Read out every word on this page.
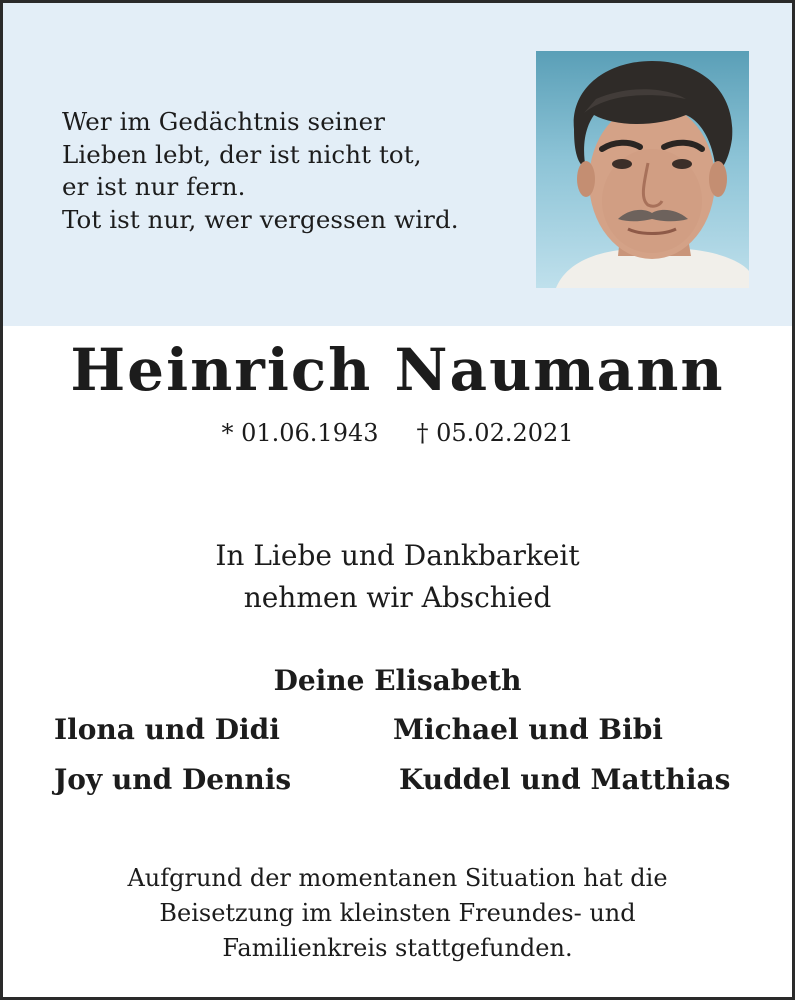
Wer im Gedächtnis seiner
Lieben lebt, der ist nicht tot,
er ist nur fern.
Tot ist nur, wer vergessen wird.

Heinrich Naumann
* 01.06.1943 † 05.02.2021
In Liebe und Dankbarkeit
nehmen wir Abschied
Deine Elisabeth
Ilona und Didi	Michael und Bibi
Joy und Dennis	Kuddel und Matthias
Aufgrund der momentanen Situation hat die
Beisetzung im kleinsten Freundes- und
Familienkreis stattgefunden.
